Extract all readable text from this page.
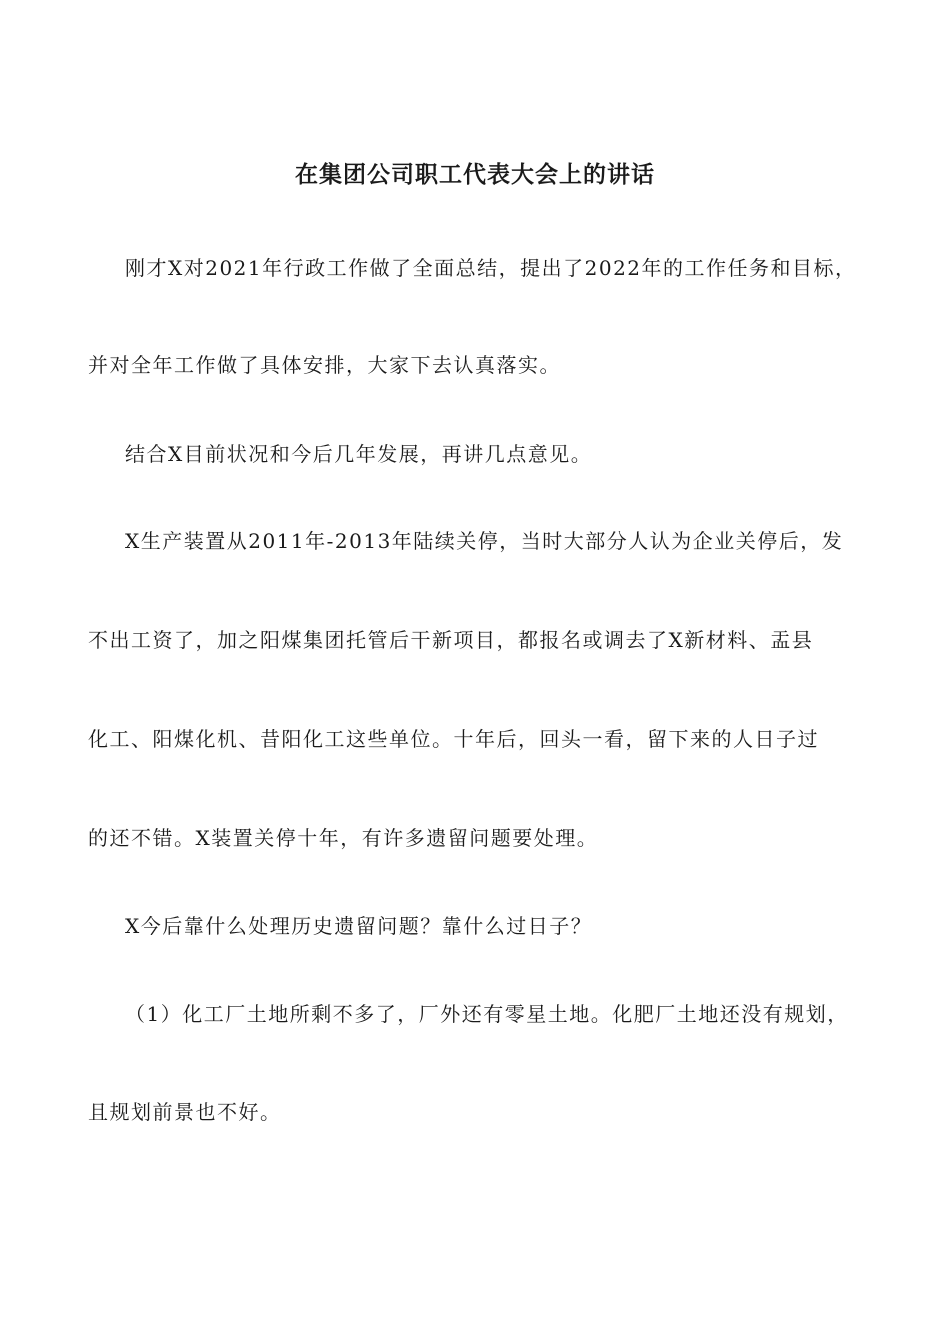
在集团公司职工代表大会上的讲话
刚才X对2021年行政工作做了全面总结，提出了2022年的工作任务和目标，
并对全年工作做了具体安排，大家下去认真落实。
结合X目前状况和今后几年发展，再讲几点意见。
X生产装置从2011年-2013年陆续关停，当时大部分人认为企业关停后，发
不出工资了，加之阳煤集团托管后干新项目，都报名或调去了X新材料、盂县
化工、阳煤化机、昔阳化工这些单位。十年后，回头一看，留下来的人日子过
的还不错。X装置关停十年，有许多遗留问题要处理。
X今后靠什么处理历史遗留问题？靠什么过日子？
（1）化工厂土地所剩不多了，厂外还有零星土地。化肥厂土地还没有规划，
且规划前景也不好。
